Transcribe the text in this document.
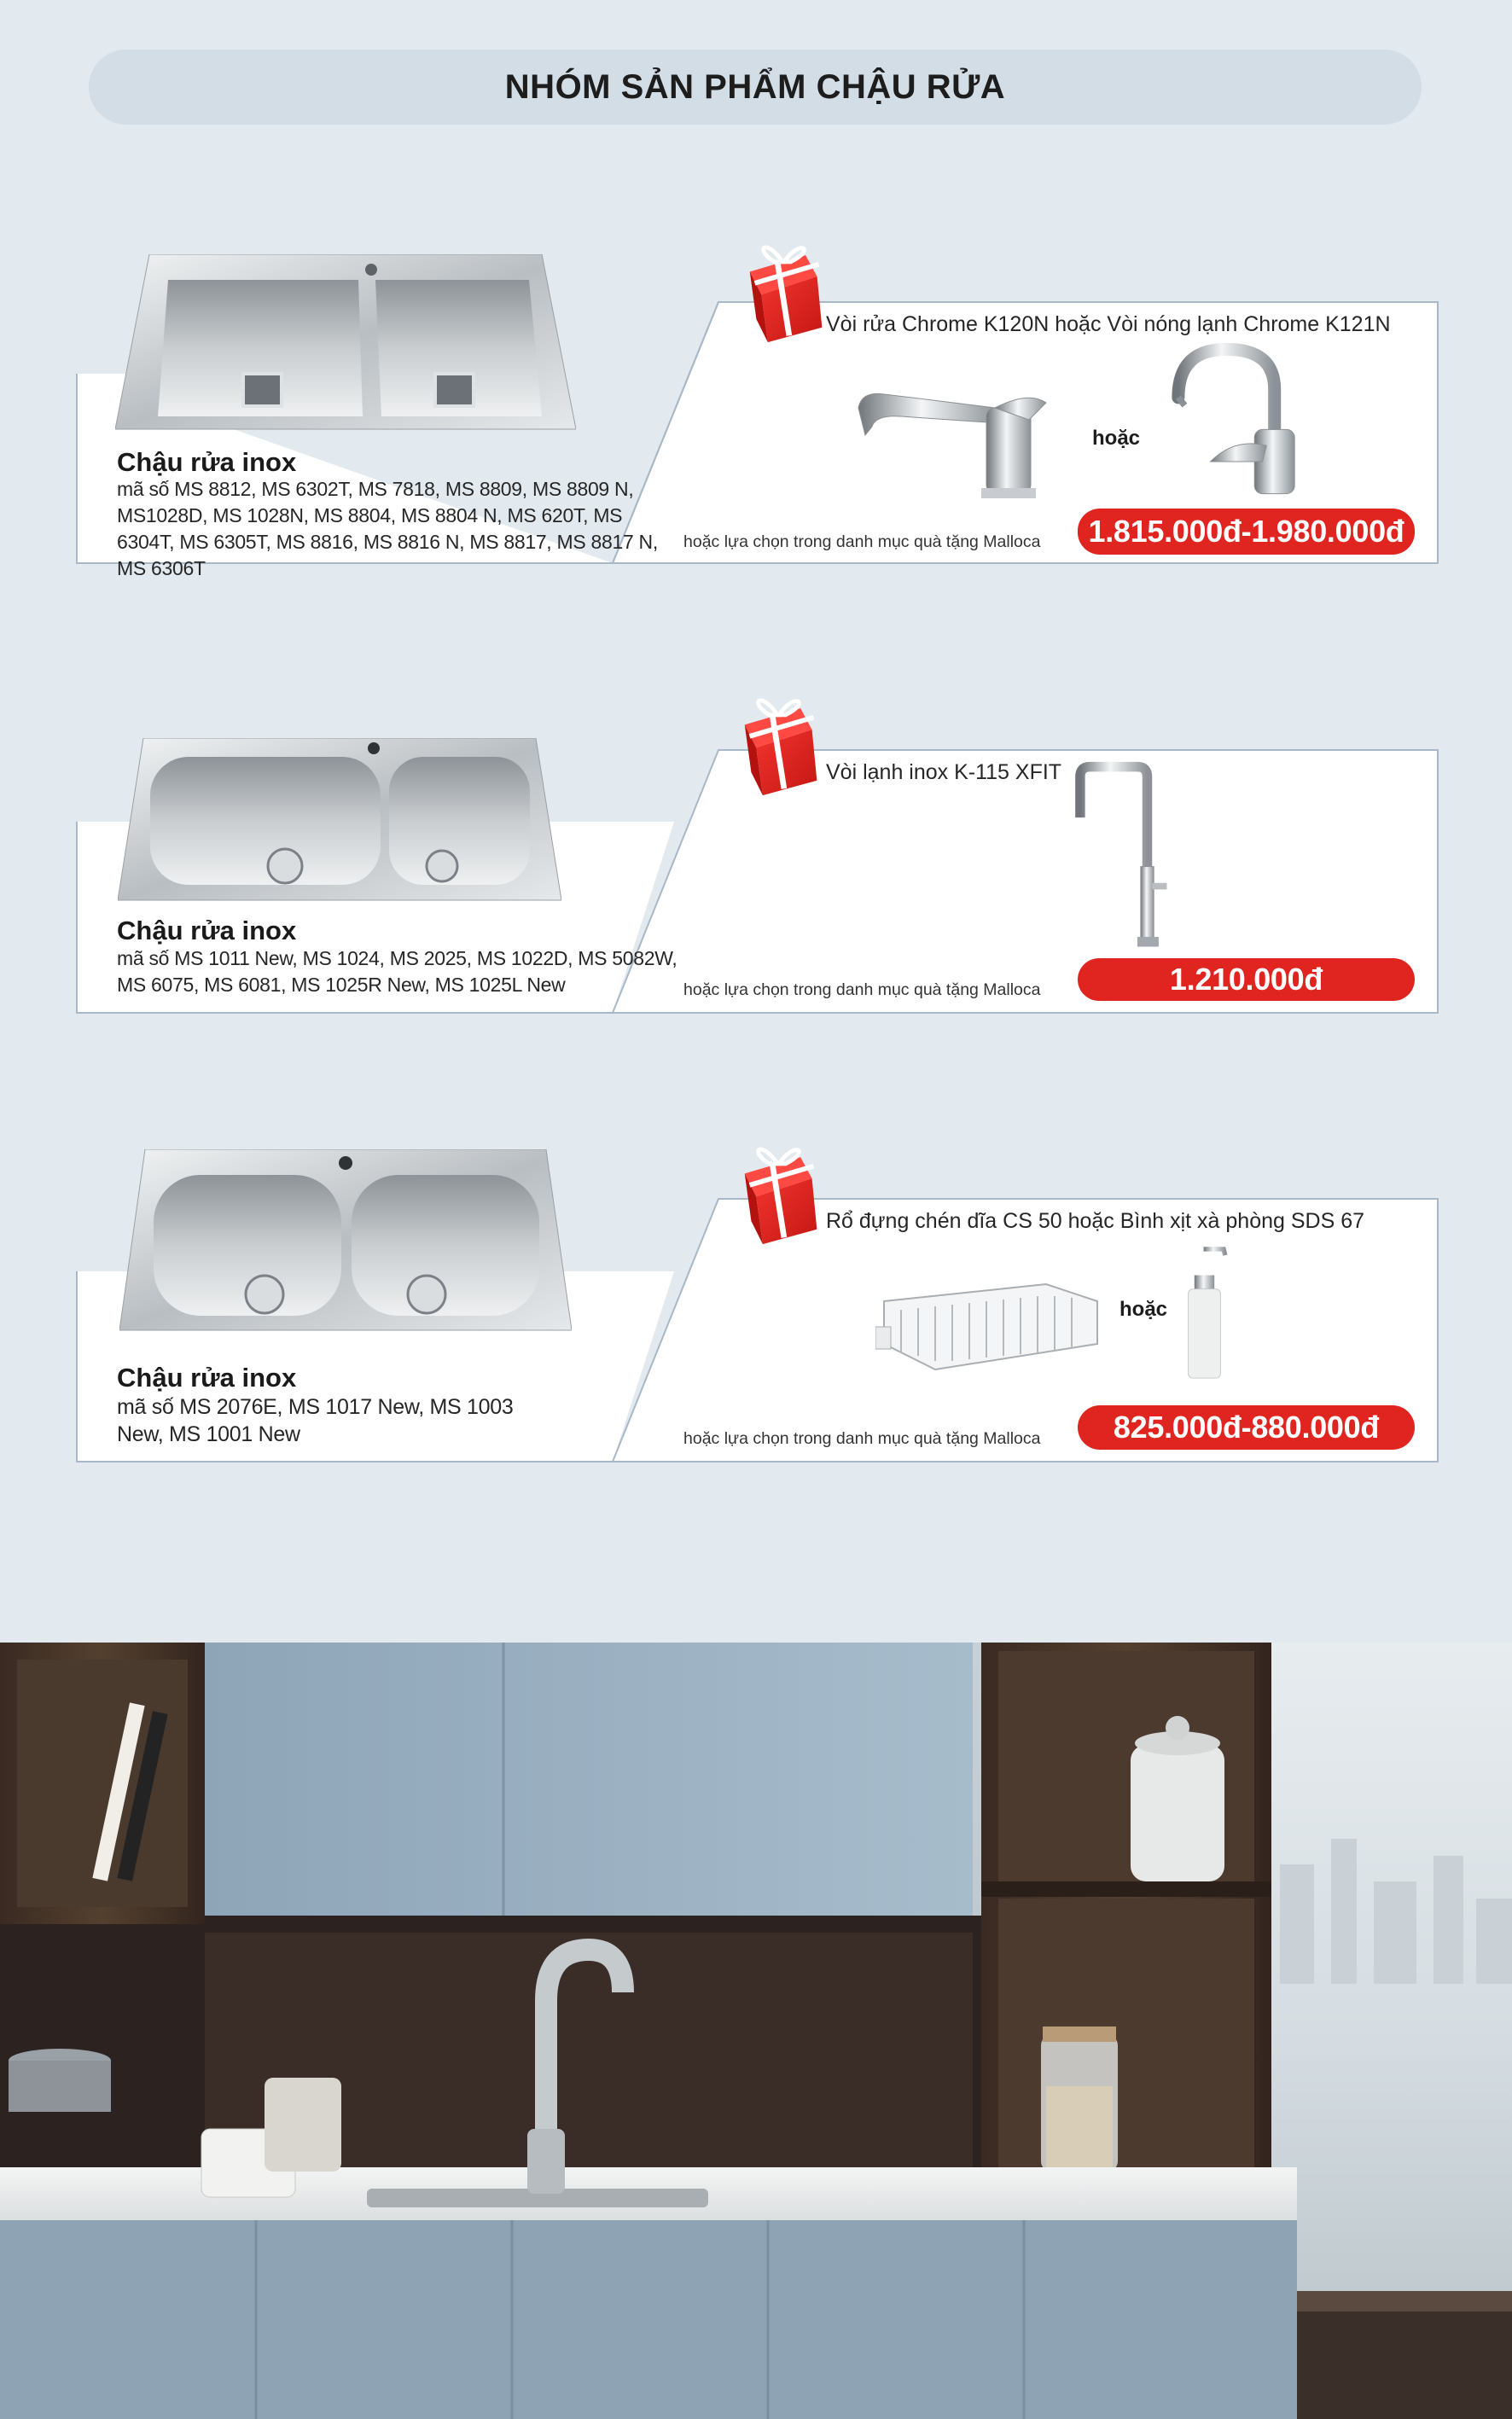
NHÓM SẢN PHẨM CHẬU RỬA
Chậu rửa inox
mã số MS 8812, MS 6302T, MS 7818, MS 8809, MS 8809 N, MS1028D, MS 1028N, MS 8804, MS 8804 N, MS 620T, MS 6304T, MS 6305T, MS 8816, MS 8816 N, MS 8817, MS 8817 N, MS 6306T
Vòi rửa Chrome K120N hoặc Vòi nóng lạnh Chrome K121N
hoặc
hoặc lựa chọn trong danh mục quà tặng Malloca	1.815.000đ-1.980.000đ
Chậu rửa inox
mã số MS 1011 New, MS 1024, MS 2025, MS 1022D, MS 5082W, MS 6075, MS 6081, MS 1025R New, MS 1025L New
Vòi lạnh inox K-115 XFIT
hoặc lựa chọn trong danh mục quà tặng Malloca	1.210.000đ
Chậu rửa inox
mã số MS 2076E, MS 1017 New, MS 1003 New, MS 1001 New
Rổ đựng chén dĩa CS 50 hoặc Bình xịt xà phòng SDS 67
hoặc
hoặc lựa chọn trong danh mục quà tặng Malloca	825.000đ-880.000đ
